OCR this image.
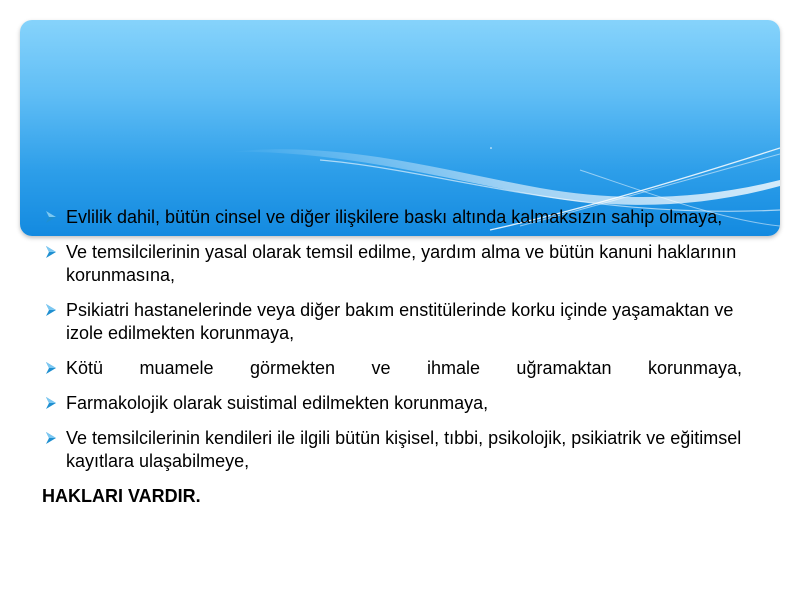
Evlilik dahil, bütün cinsel ve diğer ilişkilere baskı altında kalmaksızın sahip olmaya,
Ve temsilcilerinin yasal olarak temsil edilme, yardım alma ve bütün kanuni haklarının korunmasına,
Psikiatri hastanelerinde veya diğer bakım enstitülerinde korku içinde yaşamaktan ve izole edilmekten korunmaya,
Kötü muamele görmekten ve ihmale uğramaktan korunmaya,
Farmakolojik olarak suistimal edilmekten korunmaya,
Ve temsilcilerinin kendileri ile ilgili bütün kişisel, tıbbi, psikolojik, psikiatrik ve eğitimsel kayıtlara ulaşabilmeye,
HAKLARI VARDIR.
